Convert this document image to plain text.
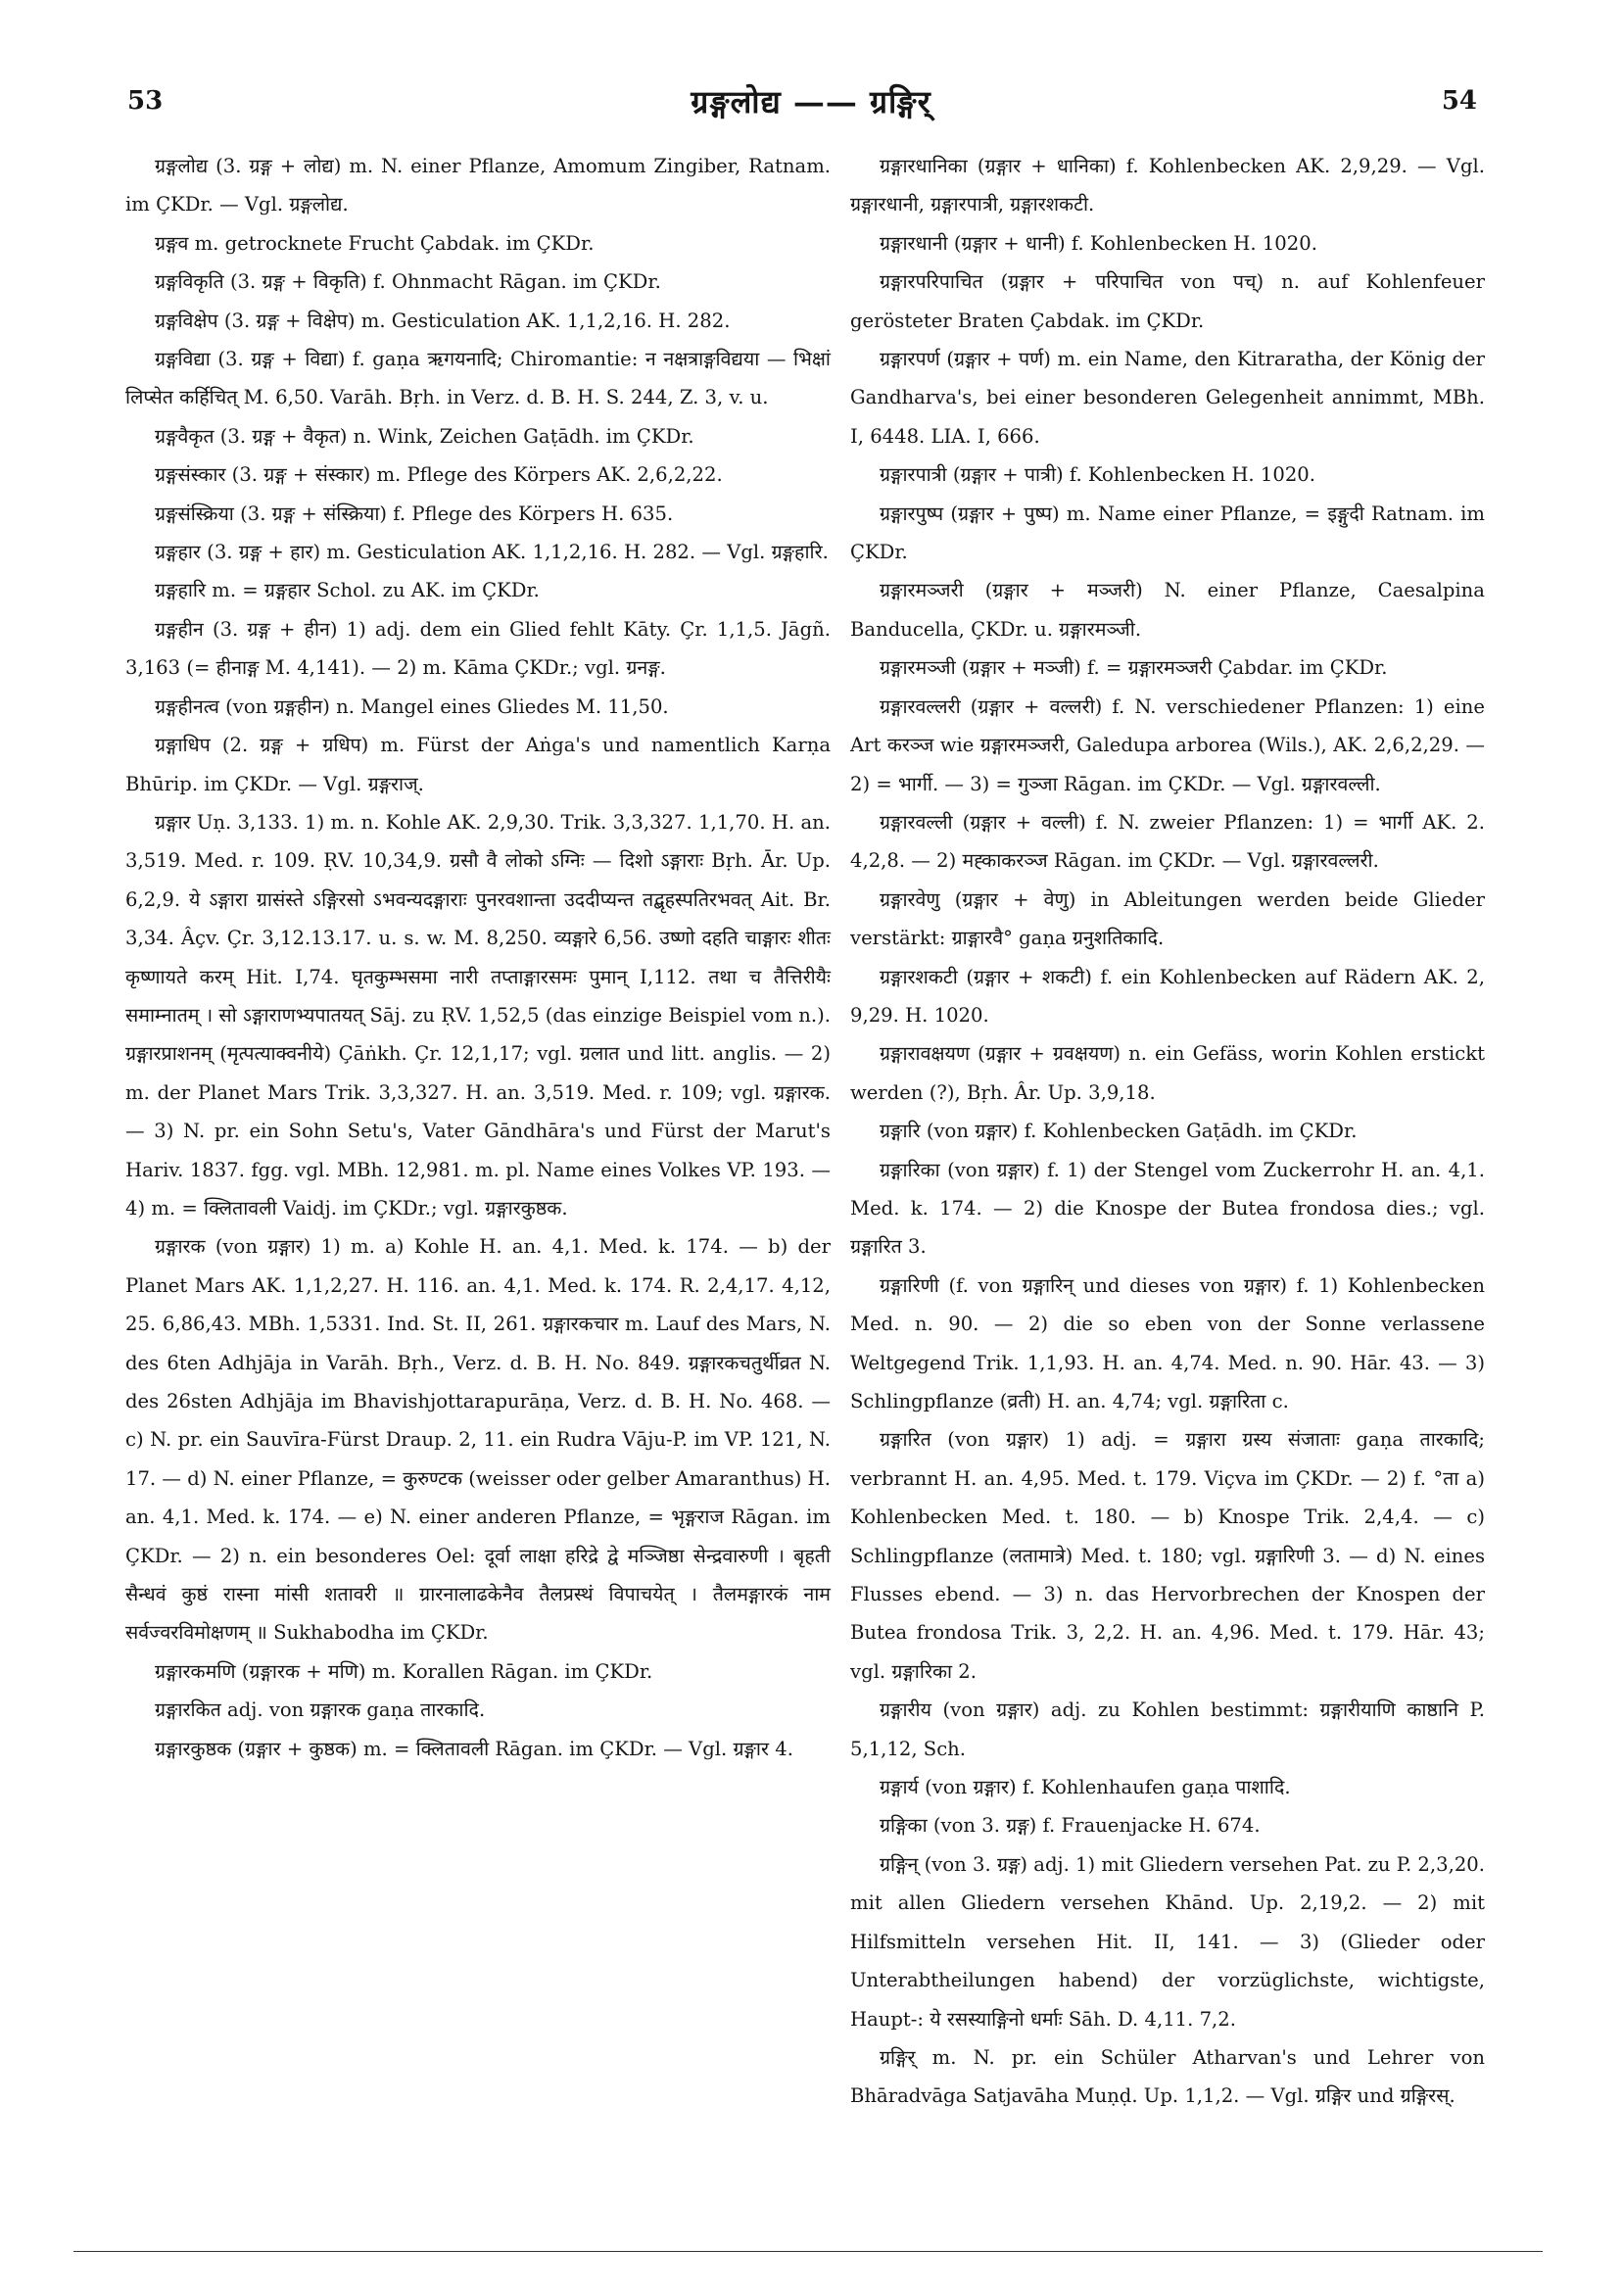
53	ग्रङ्गलोद्य —— ग्रङ्गिर्	54

ग्रङ्गलोद्य (3. ग्रङ्ग + लोद्य) m. N. einer Pflanze, Amomum Zingiber, Ratnam. im ÇKDr. — Vgl. ग्रङ्गलोद्य.

ग्रङ्गव m. getrocknete Frucht Çabdak. im ÇKDr.

ग्रङ्गविकृति (3. ग्रङ्ग + विकृति) f. Ohnmacht Rāgan. im ÇKDr.

ग्रङ्गविक्षेप (3. ग्रङ्ग + विक्षेप) m. Gesticulation AK. 1,1,2,16. H. 282.

ग्रङ्गविद्या (3. ग्रङ्ग + विद्या) f. gaṇa ऋगयनादि; Chiromantie: न नक्षत्राङ्गविद्यया — भिक्षां लिप्सेत कर्हिचित् M. 6,50. Varāh. Bṛh. in Verz. d. B. H. S. 244, Z. 3, v. u.

ग्रङ्गवैकृत (3. ग्रङ्ग + वैकृत) n. Wink, Zeichen Gaṭādh. im ÇKDr.

ग्रङ्गसंस्कार (3. ग्रङ्ग + संस्कार) m. Pflege des Körpers AK. 2,6,2,22.

ग्रङ्गसंस्क्रिया (3. ग्रङ्ग + संस्क्रिया) f. Pflege des Körpers H. 635.

ग्रङ्गहार (3. ग्रङ्ग + हार) m. Gesticulation AK. 1,1,2,16. H. 282. — Vgl. ग्रङ्गहारि.

ग्रङ्गहारि m. = ग्रङ्गहार Schol. zu AK. im ÇKDr.

ग्रङ्गहीन (3. ग्रङ्ग + हीन) 1) adj. dem ein Glied fehlt Kāty. Çr. 1,1,5. Jāgñ. 3,163 (= हीनाङ्ग M. 4,141). — 2) m. Kāma ÇKDr.; vgl. ग्रनङ्ग.

ग्रङ्गहीनत्व (von ग्रङ्गहीन) n. Mangel eines Gliedes M. 11,50.

ग्रङ्गाधिप (2. ग्रङ्ग + ग्रधिप) m. Fürst der Aṅga's und namentlich Karṇa Bhūrip. im ÇKDr. — Vgl. ग्रङ्गराज्.

ग्रङ्गार Uṇ. 3,133. 1) m. n. Kohle AK. 2,9,30. Trik. 3,3,327. 1,1,70. H. an. 3,519. Med. r. 109. ṚV. 10,34,9. ग्रसौ वै लोको ऽग्निः — दिशो ऽङ्गाराः Bṛh. Ār. Up. 6,2,9. ये ऽङ्गारा ग्रासंस्ते ऽङ्गिरसो ऽभवन्यदङ्गाराः पुनरवशान्ता उददीप्यन्त तद्बृहस्पतिरभवत् Ait. Br. 3,34. Âçv. Çr. 3,12.13.17. u. s. w. M. 8,250. व्यङ्गारे 6,56. उष्णो दहति चाङ्गारः शीतः कृष्णायते करम् Hit. I,74. घृतकुम्भसमा नारी तप्ताङ्गारसमः पुमान् I,112. तथा च तैत्तिरीयैः समाम्नातम् । सो ऽङ्गाराणभ्यपातयत् Sāj. zu ṚV. 1,52,5 (das einzige Beispiel vom n.). ग्रङ्गारप्राशनम् (मृत्पत्याक्वनीये) Çāṅkh. Çr. 12,1,17; vgl. ग्रलात und litt. anglis. — 2) m. der Planet Mars Trik. 3,3,327. H. an. 3,519. Med. r. 109; vgl. ग्रङ्गारक. — 3) N. pr. ein Sohn Setu's, Vater Gāndhāra's und Fürst der Marut's Hariv. 1837. fgg. vgl. MBh. 12,981. m. pl. Name eines Volkes VP. 193. — 4) m. = क्लितावली Vaidj. im ÇKDr.; vgl. ग्रङ्गारकुष्ठक.

ग्रङ्गारक (von ग्रङ्गार) 1) m. a) Kohle H. an. 4,1. Med. k. 174. — b) der Planet Mars AK. 1,1,2,27. H. 116. an. 4,1. Med. k. 174. R. 2,4,17. 4,12, 25. 6,86,43. MBh. 1,5331. Ind. St. II, 261. ग्रङ्गारकचार m. Lauf des Mars, N. des 6ten Adhjāja in Varāh. Bṛh., Verz. d. B. H. No. 849. ग्रङ्गारकचतुर्थीव्रत N. des 26sten Adhjāja im Bhavishjottarapurāṇa, Verz. d. B. H. No. 468. — c) N. pr. ein Sauvīra-Fürst Draup. 2, 11. ein Rudra Vāju-P. im VP. 121, N. 17. — d) N. einer Pflanze, = कुरुण्टक (weisser oder gelber Amaranthus) H. an. 4,1. Med. k. 174. — e) N. einer anderen Pflanze, = भृङ्गराज Rāgan. im ÇKDr. — 2) n. ein besonderes Oel: दूर्वा लाक्षा हरिद्रे द्वे मञ्जिष्ठा सेन्द्रवारुणी । बृहती सैन्धवं कुष्ठं रास्ना मांसी शतावरी ॥ ग्रारनालाढकेनैव तैलप्रस्थं विपाचयेत् । तैलमङ्गारकं नाम सर्वज्वरविमोक्षणम् ॥ Sukhabodha im ÇKDr.

ग्रङ्गारकमणि (ग्रङ्गारक + मणि) m. Korallen Rāgan. im ÇKDr.

ग्रङ्गारकित adj. von ग्रङ्गारक gaṇa तारकादि.

ग्रङ्गारकुष्ठक (ग्रङ्गार + कुष्ठक) m. = क्लितावली Rāgan. im ÇKDr. — Vgl. ग्रङ्गार 4.

ग्रङ्गारधानिका (ग्रङ्गार + धानिका) f. Kohlenbecken AK. 2,9,29. — Vgl. ग्रङ्गारधानी, ग्रङ्गारपात्री, ग्रङ्गारशकटी.

ग्रङ्गारधानी (ग्रङ्गार + धानी) f. Kohlenbecken H. 1020.

ग्रङ्गारपरिपाचित (ग्रङ्गार + परिपाचित von पच्) n. auf Kohlenfeuer gerösteter Braten Çabdak. im ÇKDr.

ग्रङ्गारपर्ण (ग्रङ्गार + पर्ण) m. ein Name, den Kitraratha, der König der Gandharva's, bei einer besonderen Gelegenheit annimmt, MBh. I, 6448. LIA. I, 666.

ग्रङ्गारपात्री (ग्रङ्गार + पात्री) f. Kohlenbecken H. 1020.

ग्रङ्गारपुष्प (ग्रङ्गार + पुष्प) m. Name einer Pflanze, = इङ्गुदी Ratnam. im ÇKDr.

ग्रङ्गारमञ्जरी (ग्रङ्गार + मञ्जरी) N. einer Pflanze, Caesalpina Banducella, ÇKDr. u. ग्रङ्गारमञ्जी.

ग्रङ्गारमञ्जी (ग्रङ्गार + मञ्जी) f. = ग्रङ्गारमञ्जरी Çabdar. im ÇKDr.

ग्रङ्गारवल्लरी (ग्रङ्गार + वल्लरी) f. N. verschiedener Pflanzen: 1) eine Art करञ्ज wie ग्रङ्गारमञ्जरी, Galedupa arborea (Wils.), AK. 2,6,2,29. — 2) = भार्गी. — 3) = गुञ्जा Rāgan. im ÇKDr. — Vgl. ग्रङ्गारवल्ली.

ग्रङ्गारवल्ली (ग्रङ्गार + वल्ली) f. N. zweier Pflanzen: 1) = भार्गी AK. 2. 4,2,8. — 2) मह्काकरञ्ज Rāgan. im ÇKDr. — Vgl. ग्रङ्गारवल्लरी.

ग्रङ्गारवेणु (ग्रङ्गार + वेणु) in Ableitungen werden beide Glieder verstärkt: ग्राङ्गारवै° gaṇa ग्रनुशतिकादि.

ग्रङ्गारशकटी (ग्रङ्गार + शकटी) f. ein Kohlenbecken auf Rädern AK. 2, 9,29. H. 1020.

ग्रङ्गारावक्षयण (ग्रङ्गार + ग्रवक्षयण) n. ein Gefäss, worin Kohlen erstickt werden (?), Bṛh. Âr. Up. 3,9,18.

ग्रङ्गारि (von ग्रङ्गार) f. Kohlenbecken Gaṭādh. im ÇKDr.

ग्रङ्गारिका (von ग्रङ्गार) f. 1) der Stengel vom Zuckerrohr H. an. 4,1. Med. k. 174. — 2) die Knospe der Butea frondosa dies.; vgl. ग्रङ्गारित 3.

ग्रङ्गारिणी (f. von ग्रङ्गारिन् und dieses von ग्रङ्गार) f. 1) Kohlenbecken Med. n. 90. — 2) die so eben von der Sonne verlassene Weltgegend Trik. 1,1,93. H. an. 4,74. Med. n. 90. Hār. 43. — 3) Schlingpflanze (व्रती) H. an. 4,74; vgl. ग्रङ्गारिता c.

ग्रङ्गारित (von ग्रङ्गार) 1) adj. = ग्रङ्गारा ग्रस्य संजाताः gaṇa तारकादि; verbrannt H. an. 4,95. Med. t. 179. Viçva im ÇKDr. — 2) f. °ता a) Kohlenbecken Med. t. 180. — b) Knospe Trik. 2,4,4. — c) Schlingpflanze (लतामात्रे) Med. t. 180; vgl. ग्रङ्गारिणी 3. — d) N. eines Flusses ebend. — 3) n. das Hervorbrechen der Knospen der Butea frondosa Trik. 3, 2,2. H. an. 4,96. Med. t. 179. Hār. 43; vgl. ग्रङ्गारिका 2.

ग्रङ्गारीय (von ग्रङ्गार) adj. zu Kohlen bestimmt: ग्रङ्गारीयाणि काष्ठानि P. 5,1,12, Sch.

ग्रङ्गार्य (von ग्रङ्गार) f. Kohlenhaufen gaṇa पाशादि.

ग्रङ्गिका (von 3. ग्रङ्ग) f. Frauenjacke H. 674.

ग्रङ्गिन् (von 3. ग्रङ्ग) adj. 1) mit Gliedern versehen Pat. zu P. 2,3,20. mit allen Gliedern versehen Khānd. Up. 2,19,2. — 2) mit Hilfsmitteln versehen Hit. II, 141. — 3) (Glieder oder Unterabtheilungen habend) der vorzüglichste, wichtigste, Haupt-: ये रसस्याङ्गिनो धर्माः Sāh. D. 4,11. 7,2.

ग्रङ्गिर् m. N. pr. ein Schüler Atharvan's und Lehrer von Bhāradvāga Satjavāha Muṇḍ. Up. 1,1,2. — Vgl. ग्रङ्गिर und ग्रङ्गिरस्.
